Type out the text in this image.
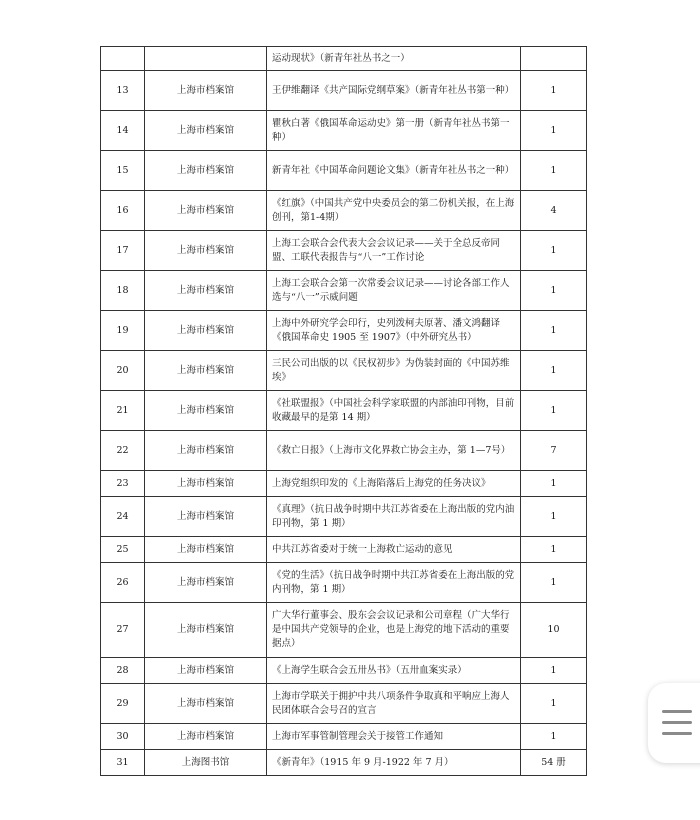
		运动现状》（新青年社丛书之一）	
13	上海市档案馆	王伊维翻译《共产国际党纲草案》（新青年社丛书第一种）	1
14	上海市档案馆	瞿秋白著《俄国革命运动史》第一册（新青年社丛书第一种）	1
15	上海市档案馆	新青年社《中国革命问题论文集》（新青年社丛书之一种）	1
16	上海市档案馆	《红旗》（中国共产党中央委员会的第二份机关报，在上海创刊，第1-4期）	4
17	上海市档案馆	上海工会联合会代表大会会议记录——关于全总反帝同盟、工联代表报告与“八一”工作讨论	1
18	上海市档案馆	上海工会联合会第一次常委会议记录——讨论各部工作人选与“八一”示威问题	1
19	上海市档案馆	上海中外研究学会印行，史列泼柯夫原著、潘文鸿翻译《俄国革命史 1905 至 1907》（中外研究丛书）	1
20	上海市档案馆	三民公司出版的以《民权初步》为伪装封面的《中国苏维埃》	1
21	上海市档案馆	《社联盟报》（中国社会科学家联盟的内部油印刊物，目前收藏最早的是第 14 期）	1
22	上海市档案馆	《救亡日报》（上海市文化界救亡协会主办，第 1—7号）	7
23	上海市档案馆	上海党组织印发的《上海陷落后上海党的任务决议》	1
24	上海市档案馆	《真理》（抗日战争时期中共江苏省委在上海出版的党内油印刊物，第 1 期）	1
25	上海市档案馆	中共江苏省委对于统一上海救亡运动的意见	1
26	上海市档案馆	《党的生活》（抗日战争时期中共江苏省委在上海出版的党内刊物，第 1 期）	1
27	上海市档案馆	广大华行董事会、股东会会议记录和公司章程（广大华行是中国共产党领导的企业，也是上海党的地下活动的重要据点）	10
28	上海市档案馆	《上海学生联合会五卅丛书》（五卅血案实录）	1
29	上海市档案馆	上海市学联关于拥护中共八项条件争取真和平响应上海人民团体联合会号召的宣言	1
30	上海市档案馆	上海市军事管制管理会关于接管工作通知	1
31	上海图书馆	《新青年》（1915 年 9 月-1922 年 7 月）	54 册
